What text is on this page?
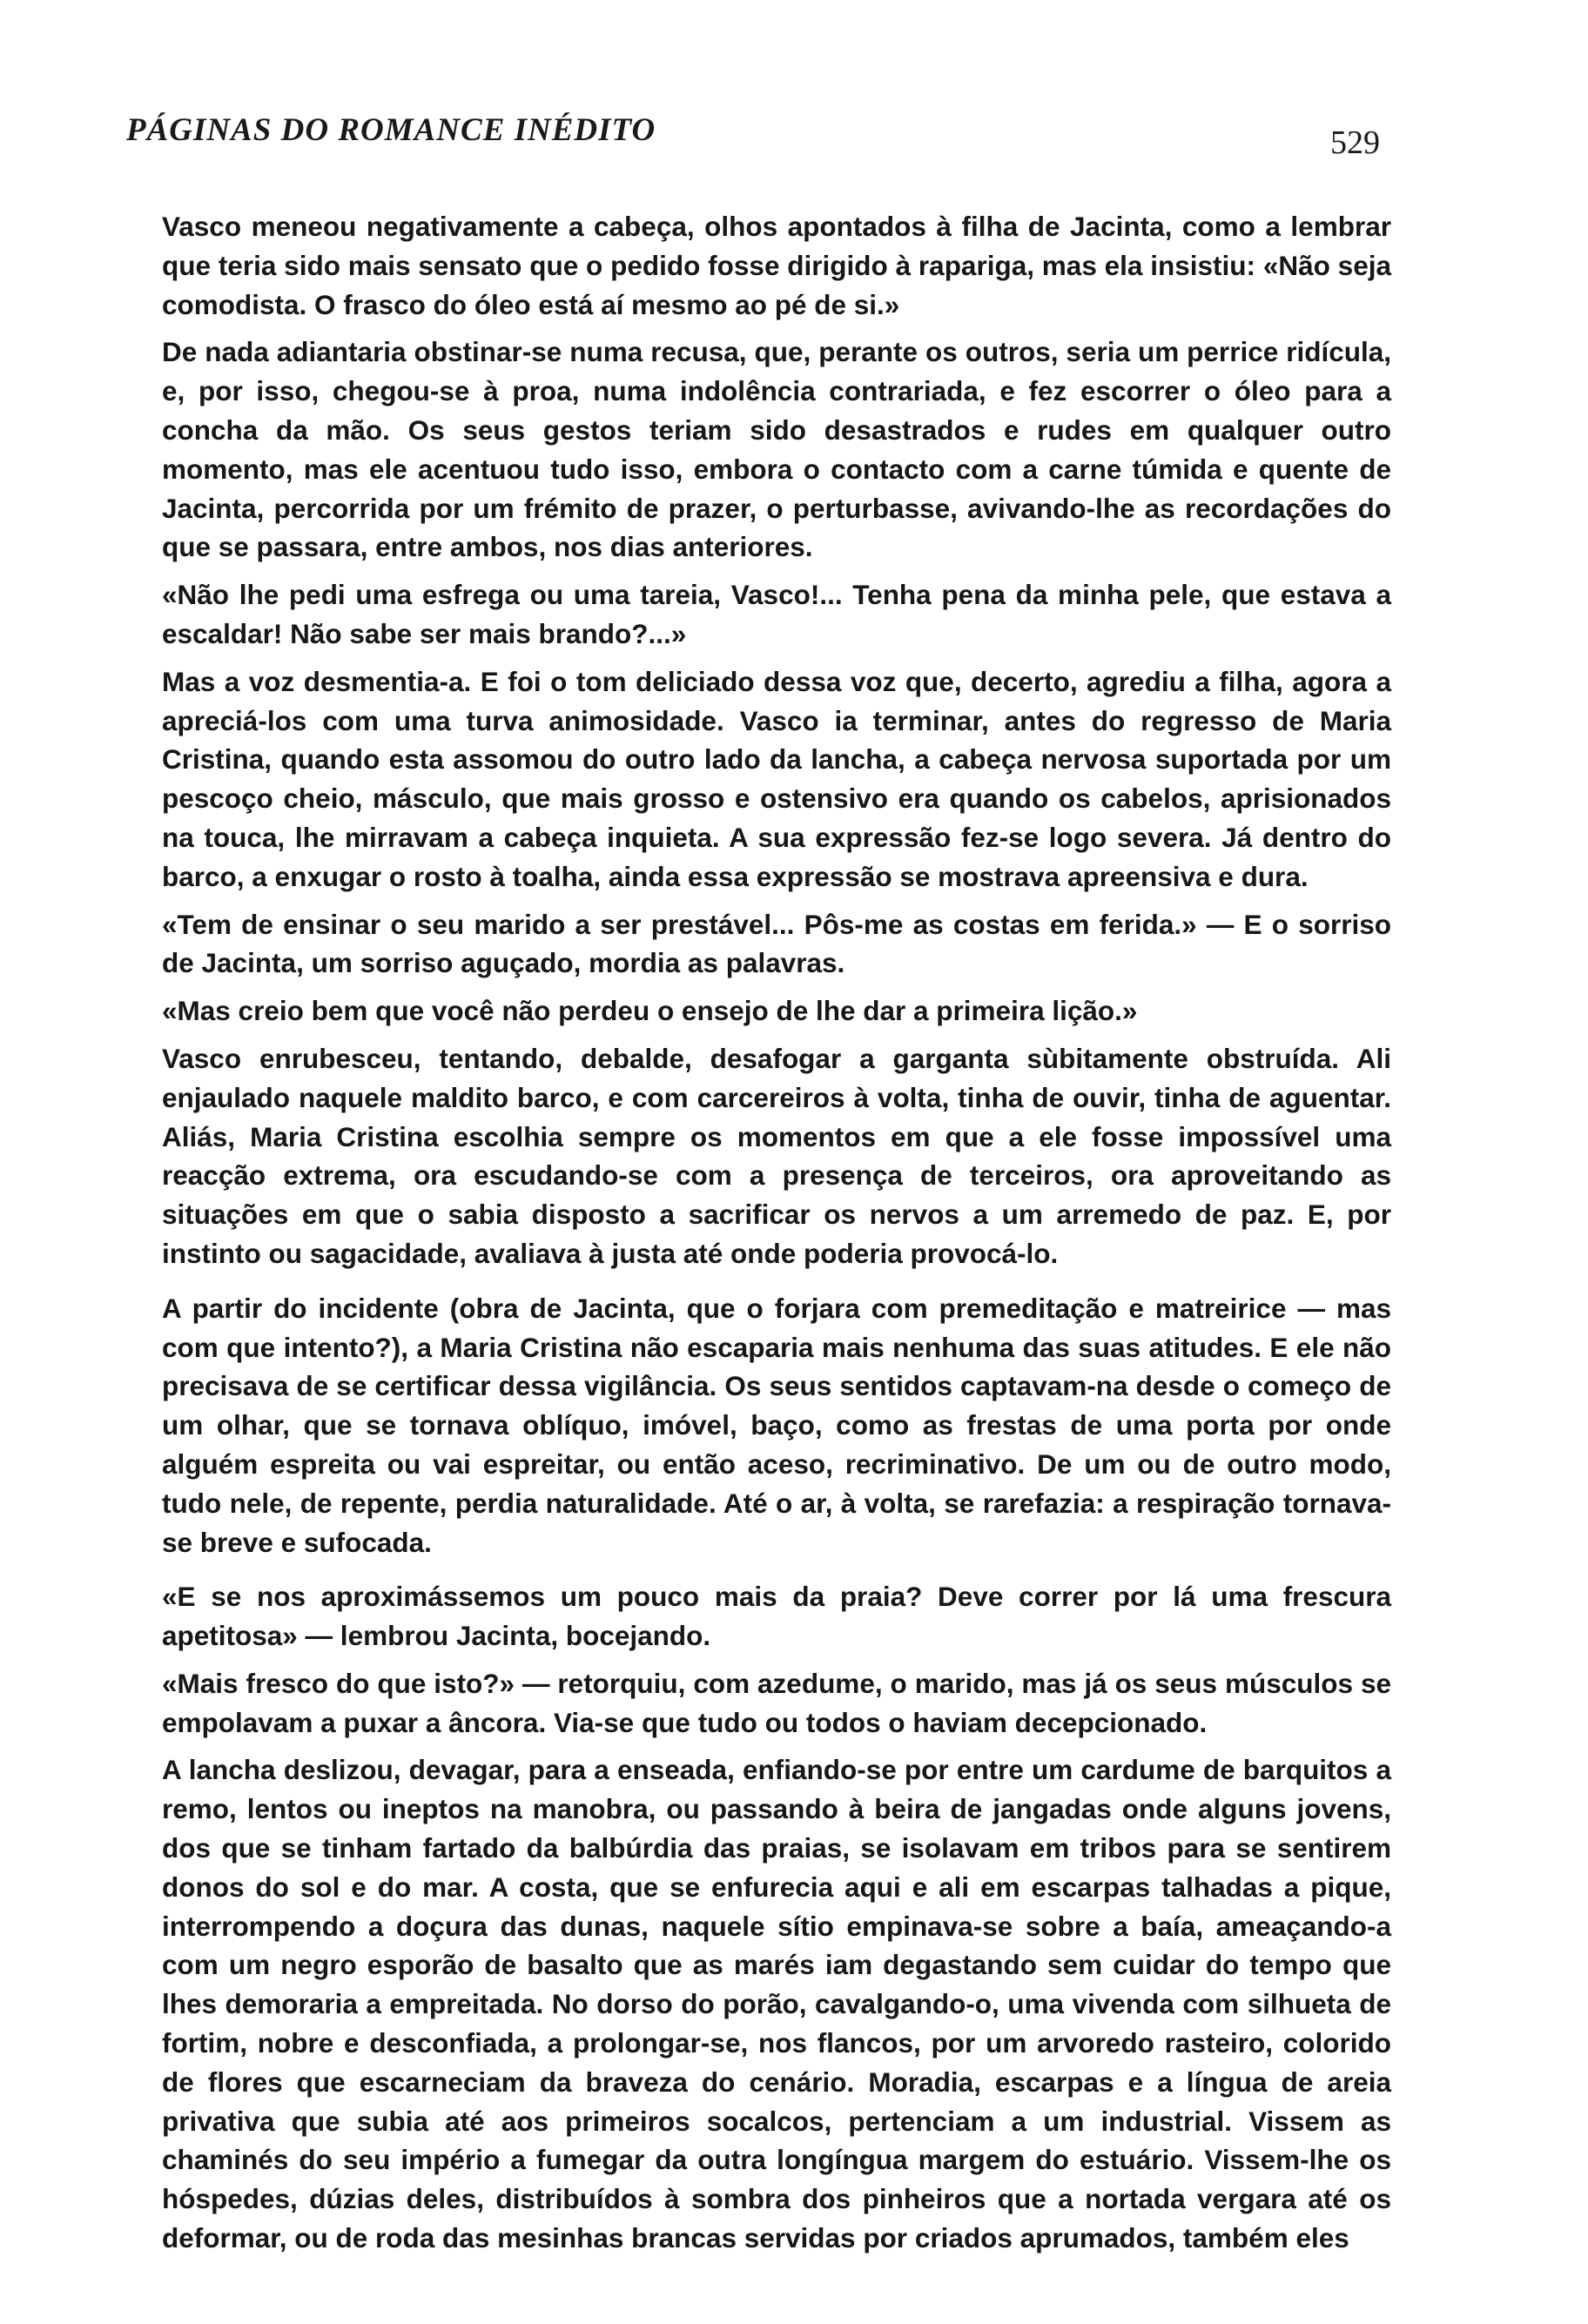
PÁGINAS DO ROMANCE INÉDITO	529

Vasco meneou negativamente a cabeça, olhos apontados à filha de Jacinta, como a lembrar que teria sido mais sensato que o pedido fosse dirigido à rapariga, mas ela insistiu: «Não seja comodista. O frasco do óleo está aí mesmo ao pé de si.»

De nada adiantaria obstinar-se numa recusa, que, perante os outros, seria um perrice ridícula, e, por isso, chegou-se à proa, numa indolência contrariada, e fez escorrer o óleo para a concha da mão. Os seus gestos teriam sido desastrados e rudes em qualquer outro momento, mas ele acentuou tudo isso, embora o contacto com a carne túmida e quente de Jacinta, percorrida por um frémito de prazer, o perturbasse, avivando-lhe as recordações do que se passara, entre ambos, nos dias anteriores.

«Não lhe pedi uma esfrega ou uma tareia, Vasco!... Tenha pena da minha pele, que estava a escaldar! Não sabe ser mais brando?...»

Mas a voz desmentia-a. E foi o tom deliciado dessa voz que, decerto, agrediu a filha, agora a apreciá-los com uma turva animosidade. Vasco ia terminar, antes do regresso de Maria Cristina, quando esta assomou do outro lado da lancha, a cabeça nervosa suportada por um pescoço cheio, másculo, que mais grosso e ostensivo era quando os cabelos, aprisionados na touca, lhe mirravam a cabeça inquieta. A sua expressão fez-se logo severa. Já dentro do barco, a enxugar o rosto à toalha, ainda essa expressão se mostrava apreensiva e dura.

«Tem de ensinar o seu marido a ser prestável... Pôs-me as costas em ferida.» — E o sorriso de Jacinta, um sorriso aguçado, mordia as palavras.

«Mas creio bem que você não perdeu o ensejo de lhe dar a primeira lição.»

Vasco enrubesceu, tentando, debalde, desafogar a garganta sùbitamente obstruída. Ali enjaulado naquele maldito barco, e com carcereiros à volta, tinha de ouvir, tinha de aguentar. Aliás, Maria Cristina escolhia sempre os momentos em que a ele fosse impossível uma reacção extrema, ora escudando-se com a presença de terceiros, ora aproveitando as situações em que o sabia disposto a sacrificar os nervos a um arremedo de paz. E, por instinto ou sagacidade, avaliava à justa até onde poderia provocá-lo.

A partir do incidente (obra de Jacinta, que o forjara com premeditação e matreirice — mas com que intento?), a Maria Cristina não escaparia mais nenhuma das suas atitudes. E ele não precisava de se certificar dessa vigilância. Os seus sentidos captavam-na desde o começo de um olhar, que se tornava oblíquo, imóvel, baço, como as frestas de uma porta por onde alguém espreita ou vai espreitar, ou então aceso, recriminativo. De um ou de outro modo, tudo nele, de repente, perdia naturalidade. Até o ar, à volta, se rarefazia: a respiração tornava-se breve e sufocada.

«E se nos aproximássemos um pouco mais da praia? Deve correr por lá uma frescura apetitosa» — lembrou Jacinta, bocejando.

«Mais fresco do que isto?» — retorquiu, com azedume, o marido, mas já os seus músculos se empolavam a puxar a âncora. Via-se que tudo ou todos o haviam decepcionado.

A lancha deslizou, devagar, para a enseada, enfiando-se por entre um cardume de barquitos a remo, lentos ou ineptos na manobra, ou passando à beira de jangadas onde alguns jovens, dos que se tinham fartado da balbúrdia das praias, se isolavam em tribos para se sentirem donos do sol e do mar. A costa, que se enfurecia aqui e ali em escarpas talhadas a pique, interrompendo a doçura das dunas, naquele sítio empinava-se sobre a baía, ameaçando-a com um negro esporão de basalto que as marés iam degastando sem cuidar do tempo que lhes demoraria a empreitada. No dorso do porão, cavalgando-o, uma vivenda com silhueta de fortim, nobre e desconfiada, a prolongar-se, nos flancos, por um arvoredo rasteiro, colorido de flores que escarneciam da braveza do cenário. Moradia, escarpas e a língua de areia privativa que subia até aos primeiros socalcos, pertenciam a um industrial. Vissem as chaminés do seu império a fumegar da outra longíngua margem do estuário. Vissem-lhe os hóspedes, dúzias deles, distribuídos à sombra dos pinheiros que a nortada vergara até os deformar, ou de roda das mesinhas brancas servidas por criados aprumados, também eles
